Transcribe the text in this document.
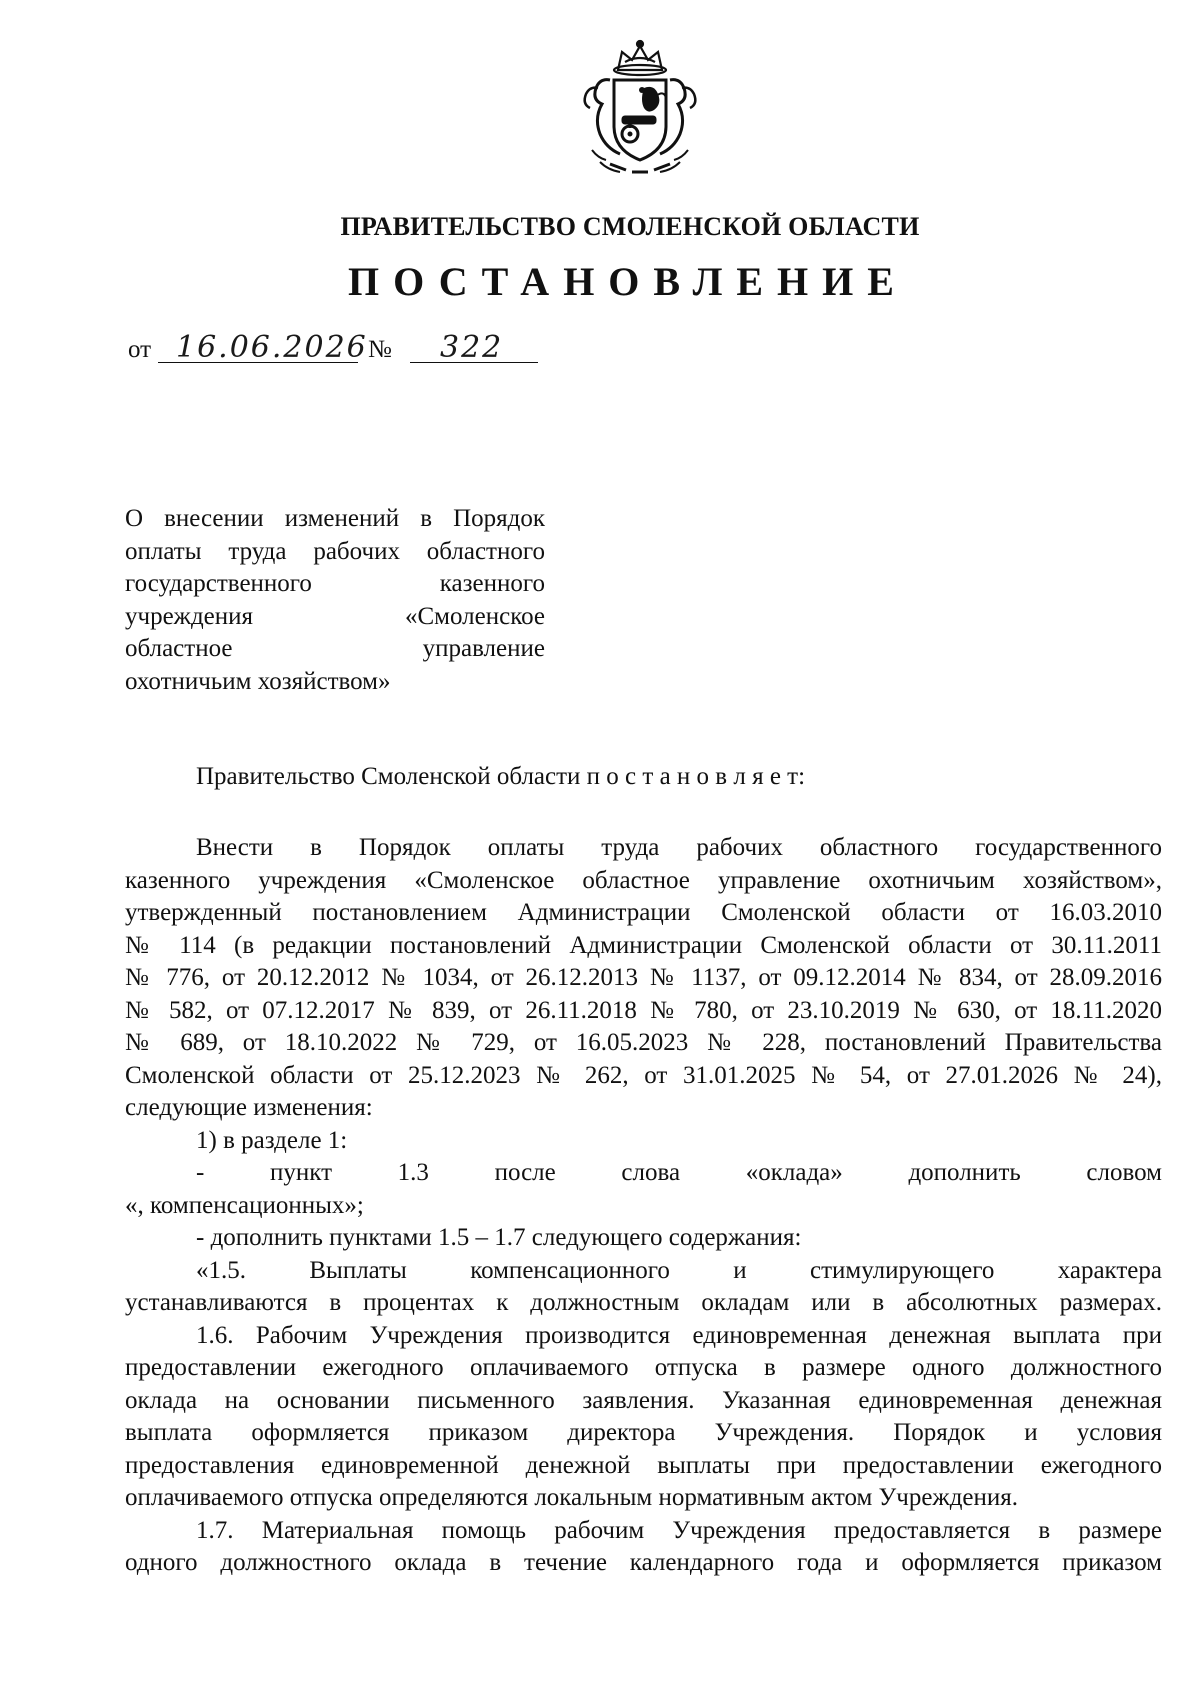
ПРАВИТЕЛЬСТВО СМОЛЕНСКОЙ ОБЛАСТИ
ПОСТАНОВЛЕНИЕ
от 16.06.2026 №	322
О внесении изменений в Порядок
оплаты труда рабочих областного
государственного казенного
учреждения «Смоленское
областное управление
охотничьим хозяйством»
Правительство Смоленской области п о с т а н о в л я е т:
Внести в Порядок оплаты труда рабочих областного государственного
казенного учреждения «Смоленское областное управление охотничьим хозяйством»,
утвержденный постановлением Администрации Смоленской области от 16.03.2010
№ 114 (в редакции постановлений Администрации Смоленской области от 30.11.2011
№ 776, от 20.12.2012 № 1034, от 26.12.2013 № 1137, от 09.12.2014 № 834, от 28.09.2016
№ 582, от 07.12.2017 № 839, от 26.11.2018 № 780, от 23.10.2019 № 630, от 18.11.2020
№ 689, от 18.10.2022 № 729, от 16.05.2023 № 228, постановлений Правительства
Смоленской области от 25.12.2023 № 262, от 31.01.2025 № 54, от 27.01.2026 № 24),
следующие изменения:
1) в разделе 1:
- пункт 1.3 после слова «оклада» дополнить словом
«, компенсационных»;
- дополнить пунктами 1.5 – 1.7 следующего содержания:
«1.5. Выплаты компенсационного и стимулирующего характера
устанавливаются в процентах к должностным окладам или в абсолютных размерах.
1.6. Рабочим Учреждения производится единовременная денежная выплата при
предоставлении ежегодного оплачиваемого отпуска в размере одного должностного
оклада на основании письменного заявления. Указанная единовременная денежная
выплата оформляется приказом директора Учреждения. Порядок и условия
предоставления единовременной денежной выплаты при предоставлении ежегодного
оплачиваемого отпуска определяются локальным нормативным актом Учреждения.
1.7. Материальная помощь рабочим Учреждения предоставляется в размере
одного должностного оклада в течение календарного года и оформляется приказом
